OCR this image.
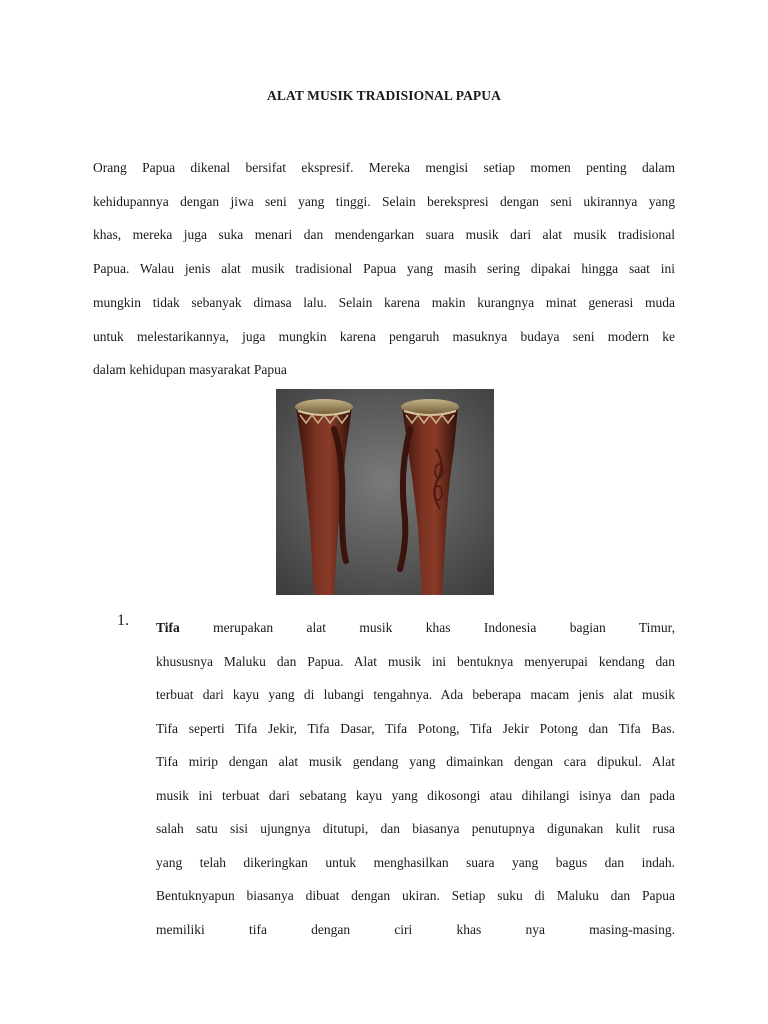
ALAT MUSIK TRADISIONAL PAPUA
Orang Papua dikenal bersifat ekspresif. Mereka mengisi setiap momen penting dalam
kehidupannya dengan jiwa seni yang tinggi. Selain berekspresi dengan seni ukirannya yang
khas, mereka juga suka menari dan mendengarkan suara musik dari alat musik tradisional
Papua. Walau jenis alat musik tradisional Papua yang masih sering dipakai hingga saat ini
mungkin tidak sebanyak dimasa lalu. Selain karena makin kurangnya minat generasi muda
untuk melestarikannya, juga mungkin karena pengaruh masuknya budaya seni modern ke
dalam kehidupan masyarakat Papua
1. Tifa merupakan alat musik khas Indonesia bagian Timur,
khususnya Maluku dan Papua. Alat musik ini bentuknya menyerupai kendang dan
terbuat dari kayu yang di lubangi tengahnya. Ada beberapa macam jenis alat musik
Tifa seperti Tifa Jekir, Tifa Dasar, Tifa Potong, Tifa Jekir Potong dan Tifa Bas.
Tifa mirip dengan alat musik gendang yang dimainkan dengan cara dipukul. Alat
musik ini terbuat dari sebatang kayu yang dikosongi atau dihilangi isinya dan pada
salah satu sisi ujungnya ditutupi, dan biasanya penutupnya digunakan kulit rusa
yang telah dikeringkan untuk menghasilkan suara yang bagus dan indah.
Bentuknyapun biasanya dibuat dengan ukiran. Setiap suku di Maluku dan Papua
memiliki tifa dengan ciri khas nya masing-masing.
